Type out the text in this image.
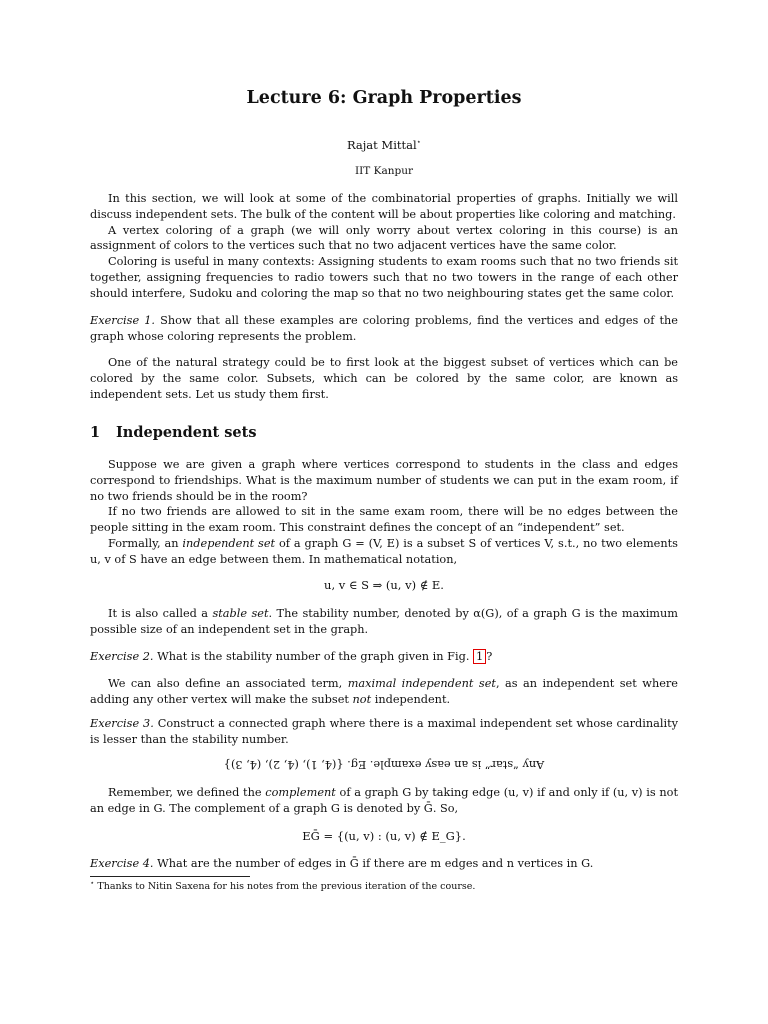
Lecture 6: Graph Properties
Rajat Mittal⋆
IIT Kanpur
In this section, we will look at some of the combinatorial properties of graphs. Initially we will discuss independent sets. The bulk of the content will be about properties like coloring and matching.
A vertex coloring of a graph (we will only worry about vertex coloring in this course) is an assignment of colors to the vertices such that no two adjacent vertices have the same color.
Coloring is useful in many contexts: Assigning students to exam rooms such that no two friends sit together, assigning frequencies to radio towers such that no two towers in the range of each other should interfere, Sudoku and coloring the map so that no two neighbouring states get the same color.
Exercise 1. Show that all these examples are coloring problems, find the vertices and edges of the graph whose coloring represents the problem.
One of the natural strategy could be to first look at the biggest subset of vertices which can be colored by the same color. Subsets, which can be colored by the same color, are known as independent sets. Let us study them first.
1 Independent sets
Suppose we are given a graph where vertices correspond to students in the class and edges correspond to friendships. What is the maximum number of students we can put in the exam room, if no two friends should be in the room?
If no two friends are allowed to sit in the same exam room, there will be no edges between the people sitting in the exam room. This constraint defines the concept of an “independent” set.
Formally, an independent set of a graph G = (V, E) is a subset S of vertices V, s.t., no two elements u, v of S have an edge between them. In mathematical notation,
u, v ∈ S ⇒ (u, v) ∉ E.
It is also called a stable set. The stability number, denoted by α(G), of a graph G is the maximum possible size of an independent set in the graph.
Exercise 2. What is the stability number of the graph given in Fig. 1 ?
We can also define an associated term, maximal independent set, as an independent set where adding any other vertex will make the subset not independent.
Exercise 3. Construct a connected graph where there is a maximal independent set whose cardinality is lesser than the stability number.
Any “star” is an easy example. Eg. {(4, 1), (4, 2), (4, 3)}
Remember, we defined the complement of a graph G by taking edge (u, v) if and only if (u, v) is not an edge in G. The complement of a graph G is denoted by Ḡ. So,
EḠ = {(u, v) : (u, v) ∉ E_G}.
Exercise 4. What are the number of edges in Ḡ if there are m edges and n vertices in G.
⋆ Thanks to Nitin Saxena for his notes from the previous iteration of the course.
